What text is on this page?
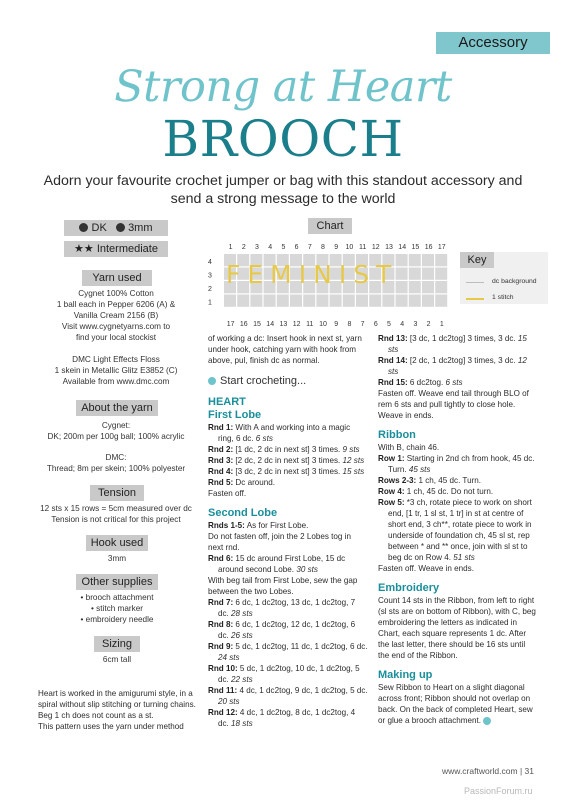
Accessory
Strong at Heart
BROOCH
Adorn your favourite crochet jumper or bag with this standout accessory and send a strong message to the world
DK 3mm
★★ Intermediate
Yarn used
Cygnet 100% Cotton
1 ball each in Pepper 6206 (A) &
Vanilla Cream 2156 (B)
Visit www.cygnetyarns.com to
find your local stockist
DMC Light Effects Floss
1 skein in Metallic Glitz E3852 (C)
Available from www.dmc.com
About the yarn
Cygnet:
DK; 200m per 100g ball; 100% acrylic
DMC:
Thread; 8m per skein; 100% polyester
Tension
12 sts x 15 rows = 5cm measured over dc
Tension is not critical for this project
Hook used
3mm
Other supplies
• brooch attachment
• stitch marker
• embroidery needle
Sizing
6cm tall

Heart is worked in the amigurumi style, in a spiral without slip stitching or turning chains.

Beg 1 ch does not count as a st.

This pattern uses the yarn under method

Chart
1 2 3 4 5 6 7 8 9 10 11 12 13 14 15 16 17
17 16 15 14 13 12 11 10 9 8 7 6 5 4 3 2 1
4
3
2
1
FEMINIST	Key
dc background
1 stitch

of working a dc: Insert hook in next st, yarn under hook, catching yarn with hook from above, pul, finish dc as normal.

Start crocheting...

HEART

First Lobe

Rnd 1: With A and working into a magic ring, 6 dc. 6 sts

Rnd 2: [1 dc, 2 dc in next st] 3 times. 9 sts

Rnd 3: [2 dc, 2 dc in next st] 3 times. 12 sts

Rnd 4: [3 dc, 2 dc in next st] 3 times. 15 sts

Rnd 5: Dc around.

Fasten off.

Second Lobe

Rnds 1-5: As for First Lobe.

Do not fasten off, join the 2 Lobes tog in next rnd.

Rnd 6: 15 dc around First Lobe, 15 dc around second Lobe. 30 sts

With beg tail from First Lobe, sew the gap between the two Lobes.

Rnd 7: 6 dc, 1 dc2tog, 13 dc, 1 dc2tog, 7 dc. 28 sts

Rnd 8: 6 dc, 1 dc2tog, 12 dc, 1 dc2tog, 6 dc. 26 sts

Rnd 9: 5 dc, 1 dc2tog, 11 dc, 1 dc2tog, 6 dc. 24 sts

Rnd 10: 5 dc, 1 dc2tog, 10 dc, 1 dc2tog, 5 dc. 22 sts

Rnd 11: 4 dc, 1 dc2tog, 9 dc, 1 dc2tog, 5 dc. 20 sts

Rnd 12: 4 dc, 1 dc2tog, 8 dc, 1 dc2tog, 4 dc. 18 sts

Rnd 13: [3 dc, 1 dc2tog] 3 times, 3 dc. 15 sts

Rnd 14: [2 dc, 1 dc2tog] 3 times, 3 dc. 12 sts

Rnd 15: 6 dc2tog. 6 sts

Fasten off. Weave end tail through BLO of rem 6 sts and pull tightly to close hole. Weave in ends.

Ribbon

With B, chain 46.

Row 1: Starting in 2nd ch from hook, 45 dc. Turn. 45 sts

Rows 2-3: 1 ch, 45 dc. Turn.

Row 4: 1 ch, 45 dc. Do not turn.

Row 5: *3 ch, rotate piece to work on short end, [1 tr, 1 sl st, 1 tr] in st at centre of short end, 3 ch**, rotate piece to work in underside of foundation ch, 45 sl st, rep between * and ** once, join with sl st to beg dc on Row 4. 51 sts

Fasten off. Weave in ends.

Embroidery

Count 14 sts in the Ribbon, from left to right (sl sts are on bottom of Ribbon), with C, beg embroidering the letters as indicated in Chart, each square represents 1 dc. After the last letter, there should be 16 sts until the end of the Ribbon.

Making up

Sew Ribbon to Heart on a slight diagonal across front; Ribbon should not overlap on back. On the back of completed Heart, sew or glue a brooch attachment.

www.craftworld.com | 31
PassionForum.ru
